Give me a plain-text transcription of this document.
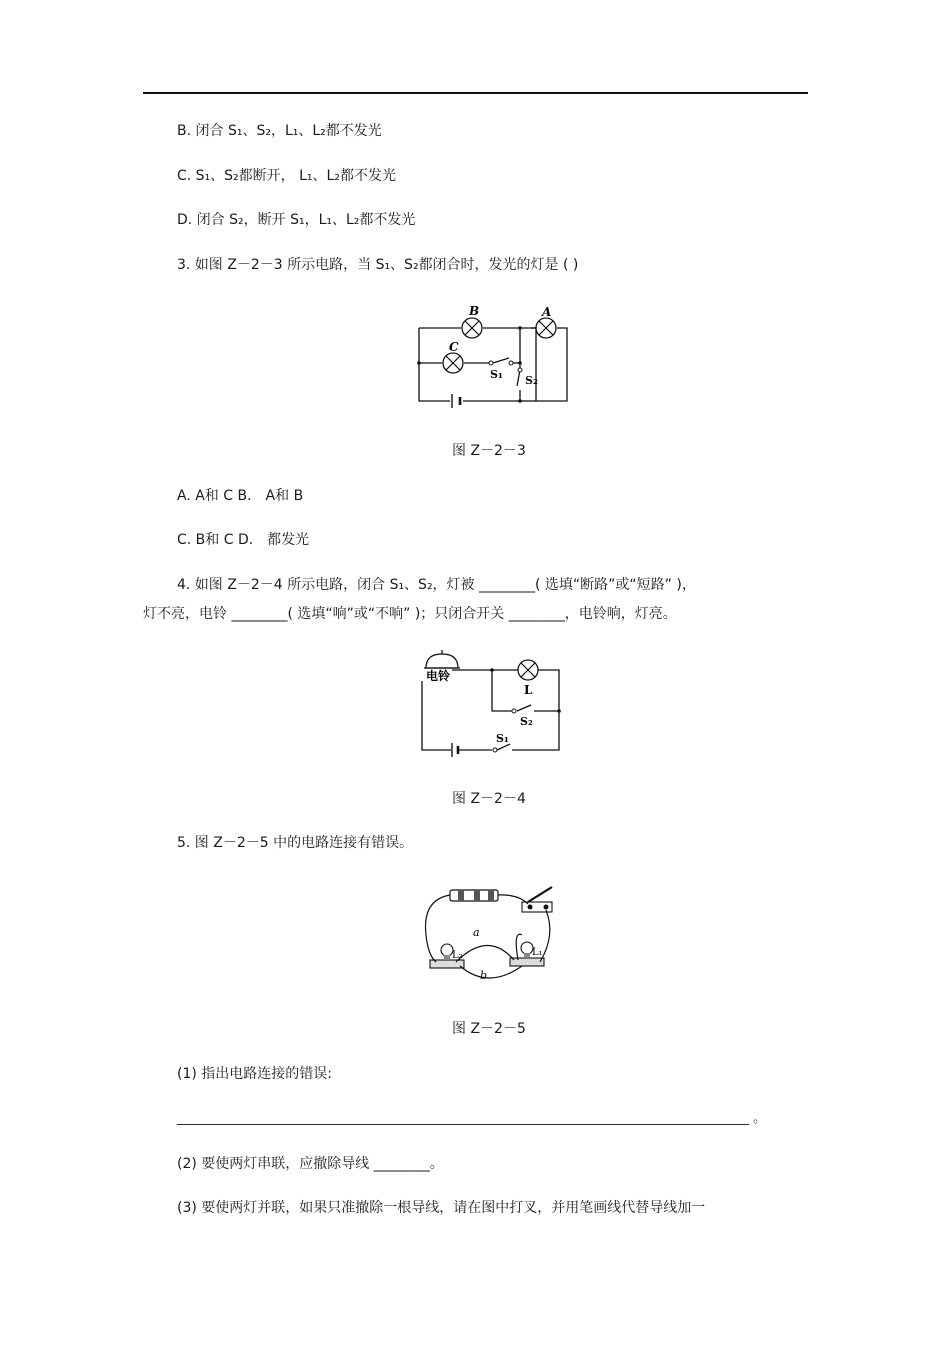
B. 闭合 S₁、S₂，L₁、L₂都不发光
C. S₁、S₂都断开， L₁、L₂都不发光
D. 闭合 S₂，断开 S₁，L₁、L₂都不发光
3. 如图 Z－2－3 所示电路，当 S₁、S₂都闭合时，发光的灯是 ( )
B	A
C
S₁ S₂
图 Z－2－3
A. A和 C B． A和 B
C. B和 C D． 都发光
4. 如图 Z－2－4 所示电路，闭合 S₁、S₂，灯被 ________( 选填“断路”或“短路” )，
灯不亮，电铃 ________( 选填“响”或“不响” )；只闭合开关 ________，电铃响，灯亮。
电铃
L
S₂
S₁
图 Z－2－4
5. 图 Z－2－5 中的电路连接有错误。
a
b
L₂	L₁
图 Z－2－5
(1) 指出电路连接的错误:
________________________________________________________________________________________ 。
(2) 要使两灯串联，应撤除导线 ________。
(3) 要使两灯并联，如果只准撤除一根导线，请在图中打叉，并用笔画线代替导线加一
